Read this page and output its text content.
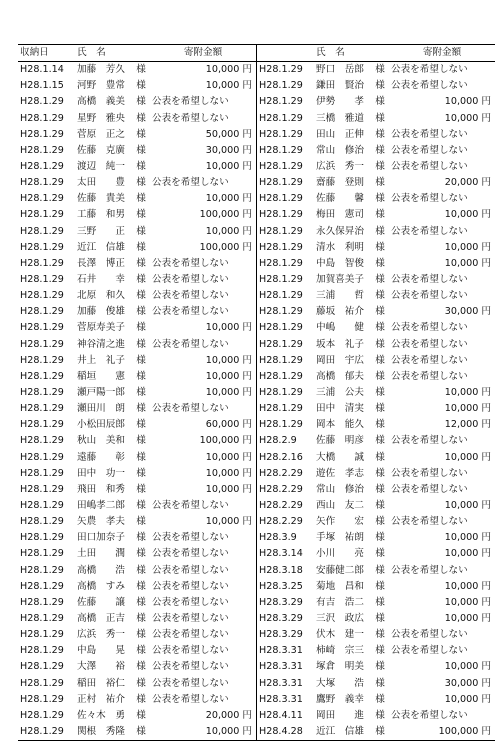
収納日	氏　名		寄附金額		氏　名		寄附金額
H28.1.14	加藤　芳久	様	10,000 円	H28.1.29	野口　岳郎	様	公表を希望しない
H28.1.15	河野　豊常	様	10,000 円	H28.1.29	鎌田　賢治	様	公表を希望しない
H28.1.29	高橋　義美	様	公表を希望しない	H28.1.29	伊勢　　孝	様	10,000 円
H28.1.29	星野　雅央	様	公表を希望しない	H28.1.29	三橋　雅道	様	10,000 円
H28.1.29	菅原　正之	様	50,000 円	H28.1.29	田山　正伸	様	公表を希望しない
H28.1.29	佐藤　克廣	様	30,000 円	H28.1.29	常山　修治	様	公表を希望しない
H28.1.29	渡辺　純一	様	10,000 円	H28.1.29	広浜　秀一	様	公表を希望しない
H28.1.29	太田　　豊	様	公表を希望しない	H28.1.29	齋藤　登則	様	20,000 円
H28.1.29	佐藤　貴美	様	10,000 円	H28.1.29	佐藤　　馨	様	公表を希望しない
H28.1.29	工藤　和男	様	100,000 円	H28.1.29	梅田　憲司	様	10,000 円
H28.1.29	三野　　正	様	10,000 円	H28.1.29	永久保昇治	様	公表を希望しない
H28.1.29	近江　信雄	様	100,000 円	H28.1.29	清水　利明	様	10,000 円
H28.1.29	長澤　博正	様	公表を希望しない	H28.1.29	中島　智俊	様	10,000 円
H28.1.29	石井　　幸	様	公表を希望しない	H28.1.29	加賀喜美子	様	公表を希望しない
H28.1.29	北原　和久	様	公表を希望しない	H28.1.29	三浦　　哲	様	公表を希望しない
H28.1.29	加藤　俊雄	様	公表を希望しない	H28.1.29	藤坂　祐介	様	30,000 円
H28.1.29	菅原寿美子	様	10,000 円	H28.1.29	中嶋　　健	様	公表を希望しない
H28.1.29	神谷清之進	様	公表を希望しない	H28.1.29	坂本　礼子	様	公表を希望しない
H28.1.29	井上　礼子	様	10,000 円	H28.1.29	岡田　宇広	様	公表を希望しない
H28.1.29	稲垣　　憲	様	10,000 円	H28.1.29	高橋　郁夫	様	公表を希望しない
H28.1.29	瀬戸陽一郎	様	10,000 円	H28.1.29	三浦　公夫	様	10,000 円
H28.1.29	瀬田川　朗	様	公表を希望しない	H28.1.29	田中　清実	様	10,000 円
H28.1.29	小松田辰郎	様	60,000 円	H28.1.29	岡本　能久	様	12,000 円
H28.1.29	秋山　美和	様	100,000 円	H28.2.9	佐藤　明彦	様	公表を希望しない
H28.1.29	遠藤　　彰	様	10,000 円	H28.2.16	大橋　　誠	様	10,000 円
H28.1.29	田中　功一	様	10,000 円	H28.2.29	遊佐　孝志	様	公表を希望しない
H28.1.29	飛田　和秀	様	10,000 円	H28.2.29	常山　修治	様	公表を希望しない
H28.1.29	田嶋孝二郎	様	公表を希望しない	H28.2.29	西山　友二	様	10,000 円
H28.1.29	矢農　孝夫	様	10,000 円	H28.2.29	矢作　　宏	様	公表を希望しない
H28.1.29	田口加奈子	様	公表を希望しない	H28.3.9	手塚　祐朗	様	10,000 円
H28.1.29	土田　　潤	様	公表を希望しない	H28.3.14	小川　　亮	様	10,000 円
H28.1.29	高橋　　浩	様	公表を希望しない	H28.3.18	安藤健二郎	様	公表を希望しない
H28.1.29	高橋　すみ	様	公表を希望しない	H28.3.25	菊地　昌和	様	10,000 円
H28.1.29	佐藤　　譲	様	公表を希望しない	H28.3.29	有吉　浩二	様	10,000 円
H28.1.29	高橋　正吉	様	公表を希望しない	H28.3.29	三沢　政広	様	10,000 円
H28.1.29	広浜　秀一	様	公表を希望しない	H28.3.29	伏木　建一	様	公表を希望しない
H28.1.29	中島　　晃	様	公表を希望しない	H28.3.31	柿崎　宗三	様	公表を希望しない
H28.1.29	大澤　　裕	様	公表を希望しない	H28.3.31	塚倉　明美	様	10,000 円
H28.1.29	稲田　裕仁	様	公表を希望しない	H28.3.31	大塚　　浩	様	30,000 円
H28.1.29	正村　祐介	様	公表を希望しない	H28.3.31	鷹野　義幸	様	10,000 円
H28.1.29	佐々木　勇	様	20,000 円	H28.4.11	岡田　　進	様	公表を希望しない
H28.1.29	関根　秀隆	様	10,000 円	H28.4.28	近江　信雄	様	100,000 円
